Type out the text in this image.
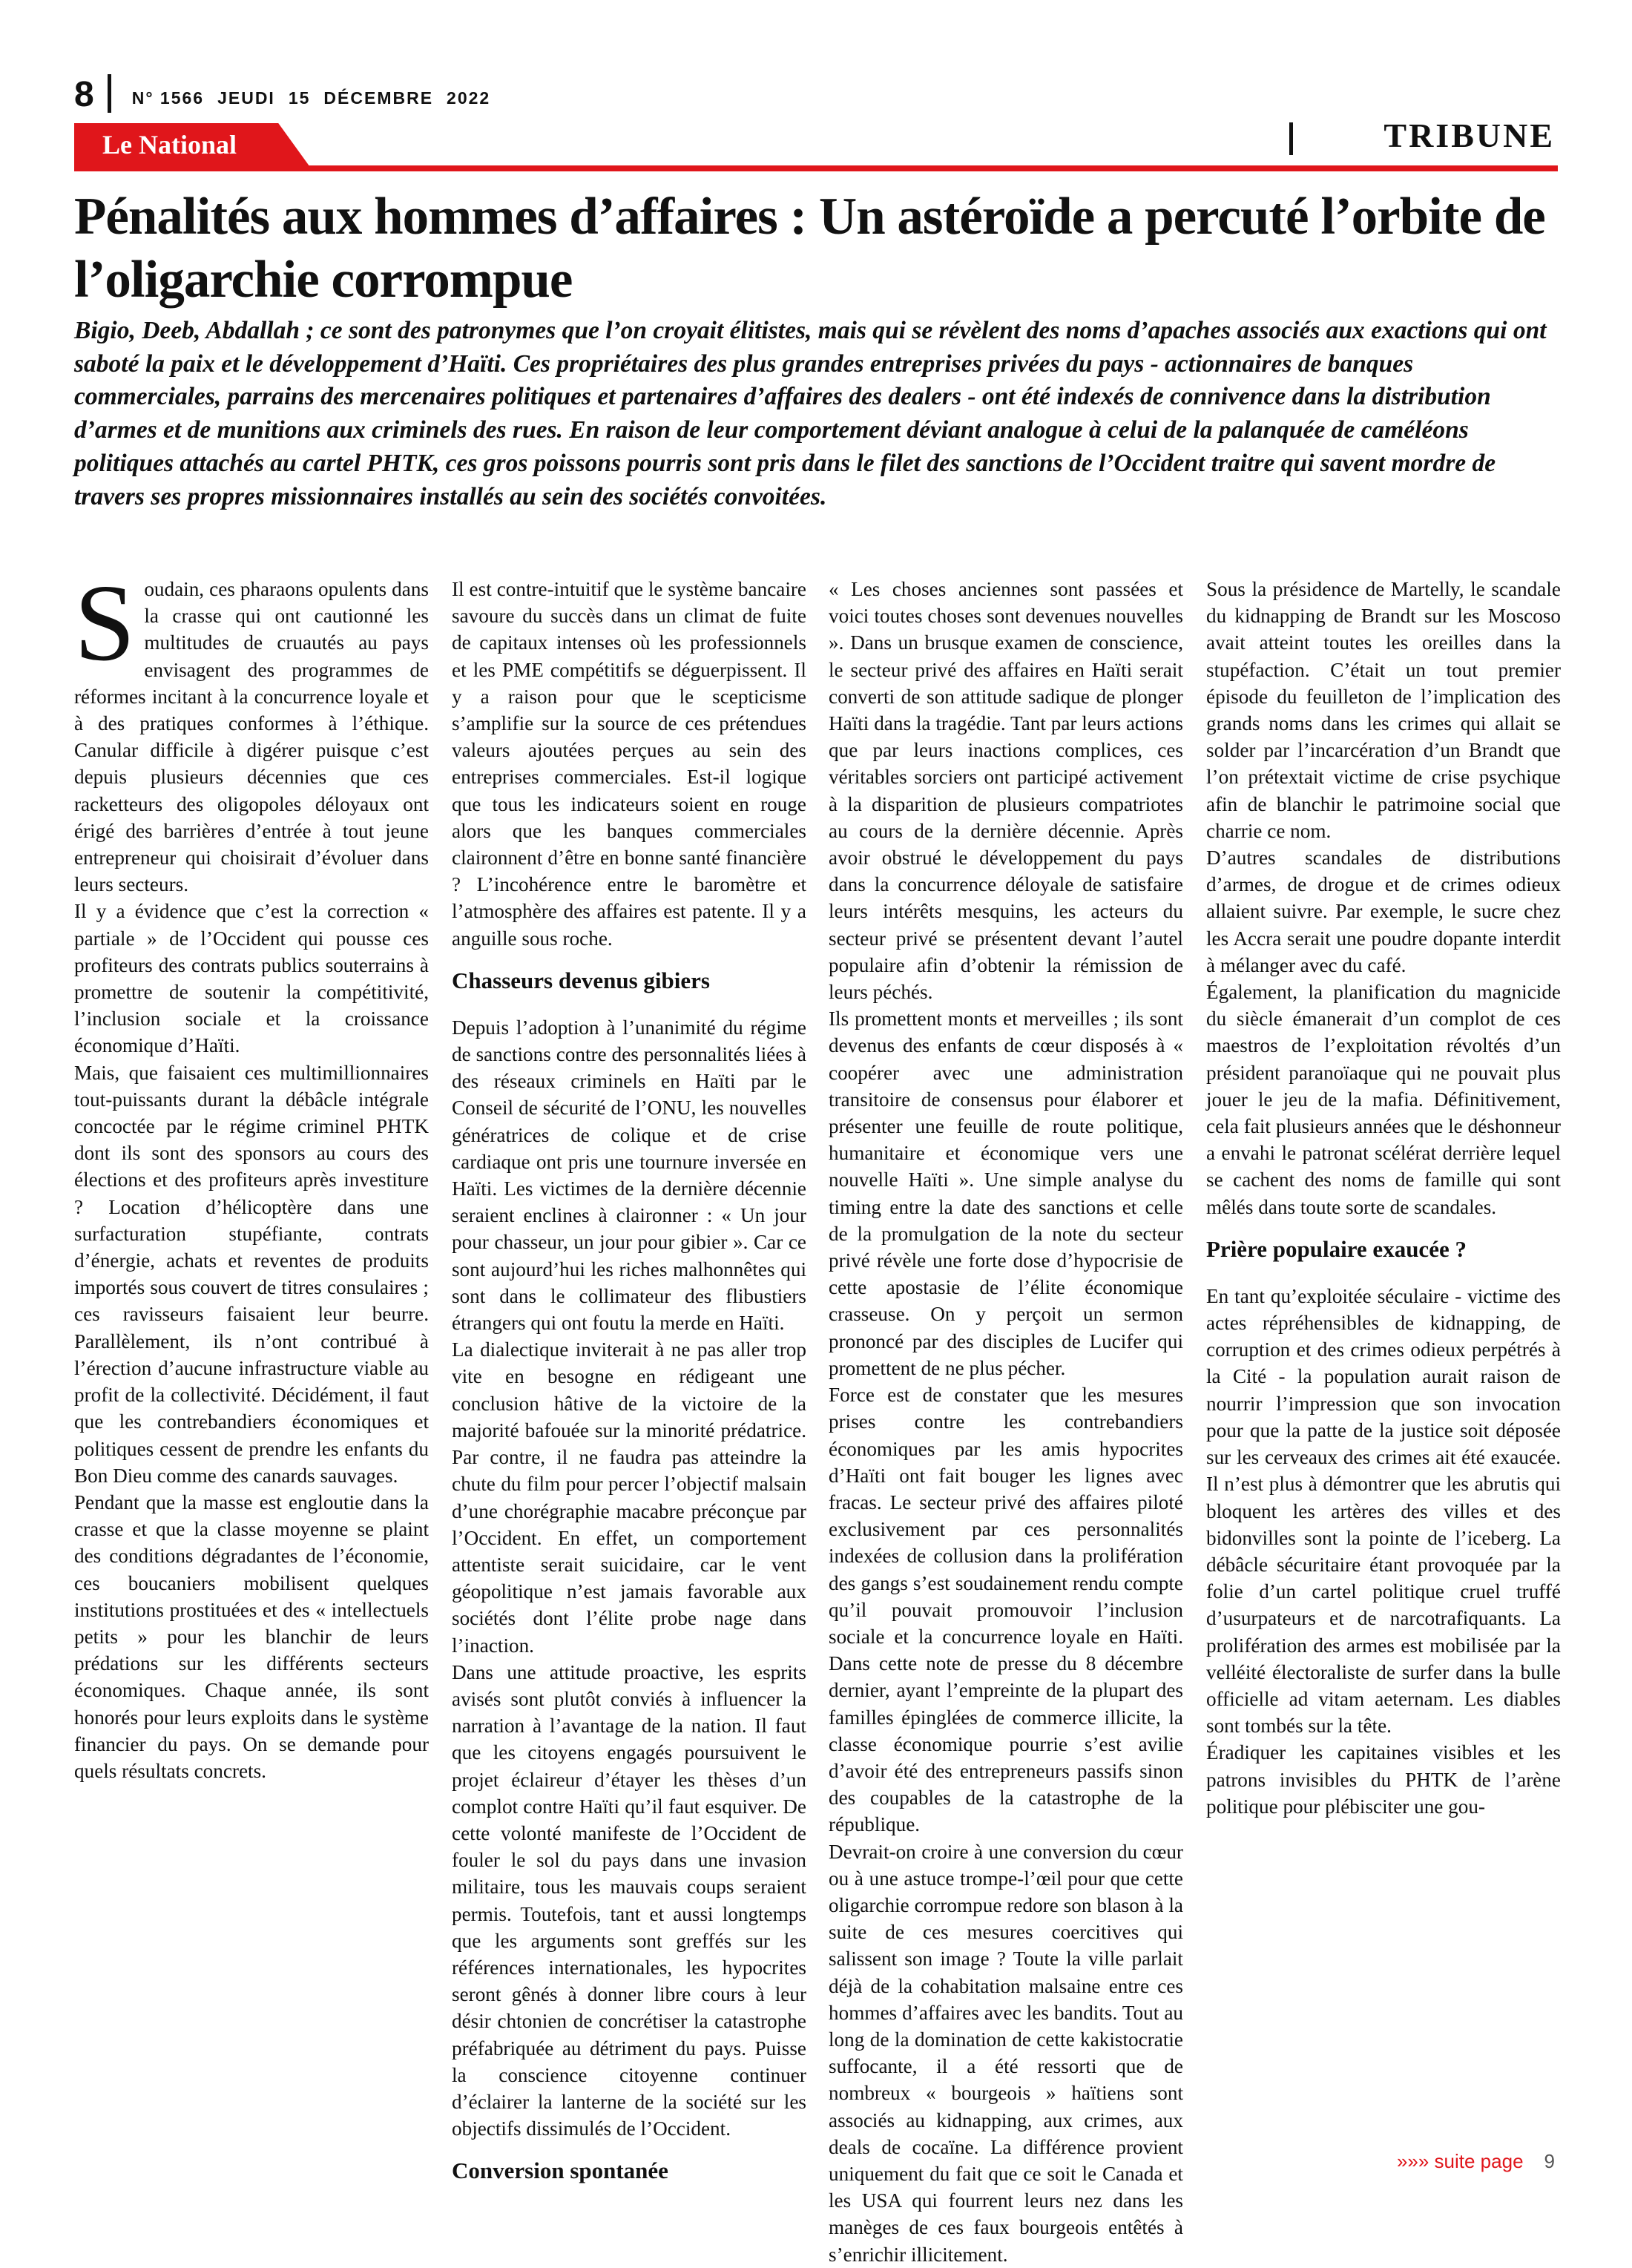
8 N° 1566 JEUDI 15 DÉCEMBRE 2022
Le National	TRIBUNE
Pénalités aux hommes d’affaires : Un astéroïde a percuté l’orbite de l’oligarchie corrompue

Bigio, Deeb, Abdallah ; ce sont des patronymes que l’on croyait élitistes, mais qui se révèlent des noms d’apaches associés aux exactions qui ont saboté la paix et le développement d’Haïti. Ces propriétaires des plus grandes entreprises privées du pays - actionnaires de banques commerciales, parrains des mercenaires politiques et partenaires d’affaires des dealers - ont été indexés de connivence dans la distribution d’armes et de munitions aux criminels des rues. En raison de leur comportement déviant analogue à celui de la palanquée de caméléons politiques attachés au cartel PHTK, ces gros poissons pourris sont pris dans le filet des sanctions de l’Occident traitre qui savent mordre de travers ses propres missionnaires installés au sein des sociétés convoitées.

Soudain, ces pharaons opulents dans la crasse qui ont cautionné les multitudes de cruautés au pays envisagent des programmes de réformes incitant à la concurrence loyale et à des pratiques conformes à l’éthique. Canular difficile à digérer puisque c’est depuis plusieurs décennies que ces racketteurs des oligopoles déloyaux ont érigé des barrières d’entrée à tout jeune entrepreneur qui choisirait d’évoluer dans leurs secteurs.

Il y a évidence que c’est la correction « partiale » de l’Occident qui pousse ces profiteurs des contrats publics souterrains à promettre de soutenir la compétitivité, l’inclusion sociale et la croissance économique d’Haïti.

Mais, que faisaient ces multimillionnaires tout-puissants durant la débâcle intégrale concoctée par le régime criminel PHTK dont ils sont des sponsors au cours des élections et des profiteurs après investiture ? Location d’hélicoptère dans une surfacturation stupéfiante, contrats d’énergie, achats et reventes de produits importés sous couvert de titres consulaires ; ces ravisseurs faisaient leur beurre. Parallèlement, ils n’ont contribué à l’érection d’aucune infrastructure viable au profit de la collectivité. Décidément, il faut que les contrebandiers économiques et politiques cessent de prendre les enfants du Bon Dieu comme des canards sauvages.

Pendant que la masse est engloutie dans la crasse et que la classe moyenne se plaint des conditions dégradantes de l’économie, ces boucaniers mobilisent quelques institutions prostituées et des « intellectuels petits » pour les blanchir de leurs prédations sur les différents secteurs économiques. Chaque année, ils sont honorés pour leurs exploits dans le système financier du pays. On se demande pour quels résultats concrets.

Il est contre-intuitif que le système bancaire savoure du succès dans un climat de fuite de capitaux intenses où les professionnels et les PME compétitifs se déguerpissent. Il y a raison pour que le scepticisme s’amplifie sur la source de ces prétendues valeurs ajoutées perçues au sein des entreprises commerciales. Est-il logique que tous les indicateurs soient en rouge alors que les banques commerciales claironnent d’être en bonne santé financière ? L’incohérence entre le baromètre et l’atmosphère des affaires est patente. Il y a anguille sous roche.

Chasseurs devenus gibiers

Depuis l’adoption à l’unanimité du régime de sanctions contre des personnalités liées à des réseaux criminels en Haïti par le Conseil de sécurité de l’ONU, les nouvelles génératrices de colique et de crise cardiaque ont pris une tournure inversée en Haïti. Les victimes de la dernière décennie seraient enclines à claironner : « Un jour pour chasseur, un jour pour gibier ». Car ce sont aujourd’hui les riches malhonnêtes qui sont dans le collimateur des flibustiers étrangers qui ont foutu la merde en Haïti.

La dialectique inviterait à ne pas aller trop vite en besogne en rédigeant une conclusion hâtive de la victoire de la majorité bafouée sur la minorité prédatrice. Par contre, il ne faudra pas atteindre la chute du film pour percer l’objectif malsain d’une chorégraphie macabre préconçue par l’Occident. En effet, un comportement attentiste serait suicidaire, car le vent géopolitique n’est jamais favorable aux sociétés dont l’élite probe nage dans l’inaction.

Dans une attitude proactive, les esprits avisés sont plutôt conviés à influencer la narration à l’avantage de la nation. Il faut que les citoyens engagés poursuivent le projet éclaireur d’étayer les thèses d’un complot contre Haïti qu’il faut esquiver. De cette volonté manifeste de l’Occident de fouler le sol du pays dans une invasion militaire, tous les mauvais coups seraient permis. Toutefois, tant et aussi longtemps que les arguments sont greffés sur les références internationales, les hypocrites seront gênés à donner libre cours à leur désir chtonien de concrétiser la catastrophe préfabriquée au détriment du pays. Puisse la conscience citoyenne continuer d’éclairer la lanterne de la société sur les objectifs dissimulés de l’Occident.

Conversion spontanée

« Les choses anciennes sont passées et voici toutes choses sont devenues nouvelles ». Dans un brusque examen de conscience, le secteur privé des affaires en Haïti serait converti de son attitude sadique de plonger Haïti dans la tragédie. Tant par leurs actions que par leurs inactions complices, ces véritables sorciers ont participé activement à la disparition de plusieurs compatriotes au cours de la dernière décennie. Après avoir obstrué le développement du pays dans la concurrence déloyale de satisfaire leurs intérêts mesquins, les acteurs du secteur privé se présentent devant l’autel populaire afin d’obtenir la rémission de leurs péchés.

Ils promettent monts et merveilles ; ils sont devenus des enfants de cœur disposés à « coopérer avec une administration transitoire de consensus pour élaborer et présenter une feuille de route politique, humanitaire et économique vers une nouvelle Haïti ». Une simple analyse du timing entre la date des sanctions et celle de la promulgation de la note du secteur privé révèle une forte dose d’hypocrisie de cette apostasie de l’élite économique crasseuse. On y perçoit un sermon prononcé par des disciples de Lucifer qui promettent de ne plus pécher.

Force est de constater que les mesures prises contre les contrebandiers économiques par les amis hypocrites d’Haïti ont fait bouger les lignes avec fracas. Le secteur privé des affaires piloté exclusivement par ces personnalités indexées de collusion dans la prolifération des gangs s’est soudainement rendu compte qu’il pouvait promouvoir l’inclusion sociale et la concurrence loyale en Haïti. Dans cette note de presse du 8 décembre dernier, ayant l’empreinte de la plupart des familles épinglées de commerce illicite, la classe économique pourrie s’est avilie d’avoir été des entrepreneurs passifs sinon des coupables de la catastrophe de la république.

Devrait-on croire à une conversion du cœur ou à une astuce trompe-l’œil pour que cette oligarchie corrompue redore son blason à la suite de ces mesures coercitives qui salissent son image ? Toute la ville parlait déjà de la cohabitation malsaine entre ces hommes d’affaires avec les bandits. Tout au long de la domination de cette kakistocratie suffocante, il a été ressorti que de nombreux « bourgeois » haïtiens sont associés au kidnapping, aux crimes, aux deals de cocaïne. La différence provient uniquement du fait que ce soit le Canada et les USA qui fourrent leurs nez dans les manèges de ces faux bourgeois entêtés à s’enrichir illicitement.

Sous la présidence de Martelly, le scandale du kidnapping de Brandt sur les Moscoso avait atteint toutes les oreilles dans la stupéfaction. C’était un tout premier épisode du feuilleton de l’implication des grands noms dans les crimes qui allait se solder par l’incarcération d’un Brandt que l’on prétextait victime de crise psychique afin de blanchir le patrimoine social que charrie ce nom.

D’autres scandales de distributions d’armes, de drogue et de crimes odieux allaient suivre. Par exemple, le sucre chez les Accra serait une poudre dopante interdit à mélanger avec du café.

Également, la planification du magnicide du siècle émanerait d’un complot de ces maestros de l’exploitation révoltés d’un président paranoïaque qui ne pouvait plus jouer le jeu de la mafia. Définitivement, cela fait plusieurs années que le déshonneur a envahi le patronat scélérat derrière lequel se cachent des noms de famille qui sont mêlés dans toute sorte de scandales.

Prière populaire exaucée ?

En tant qu’exploitée séculaire - victime des actes répréhensibles de kidnapping, de corruption et des crimes odieux perpétrés à la Cité - la population aurait raison de nourrir l’impression que son invocation pour que la patte de la justice soit déposée sur les cerveaux des crimes ait été exaucée. Il n’est plus à démontrer que les abrutis qui bloquent les artères des villes et des bidonvilles sont la pointe de l’iceberg. La débâcle sécuritaire étant provoquée par la folie d’un cartel politique cruel truffé d’usurpateurs et de narcotrafiquants. La prolifération des armes est mobilisée par la velléité électoraliste de surfer dans la bulle officielle ad vitam aeternam. Les diables sont tombés sur la tête.

Éradiquer les capitaines visibles et les patrons invisibles du PHTK de l’arène politique pour plébisciter une gou-

»»» suite page 9
